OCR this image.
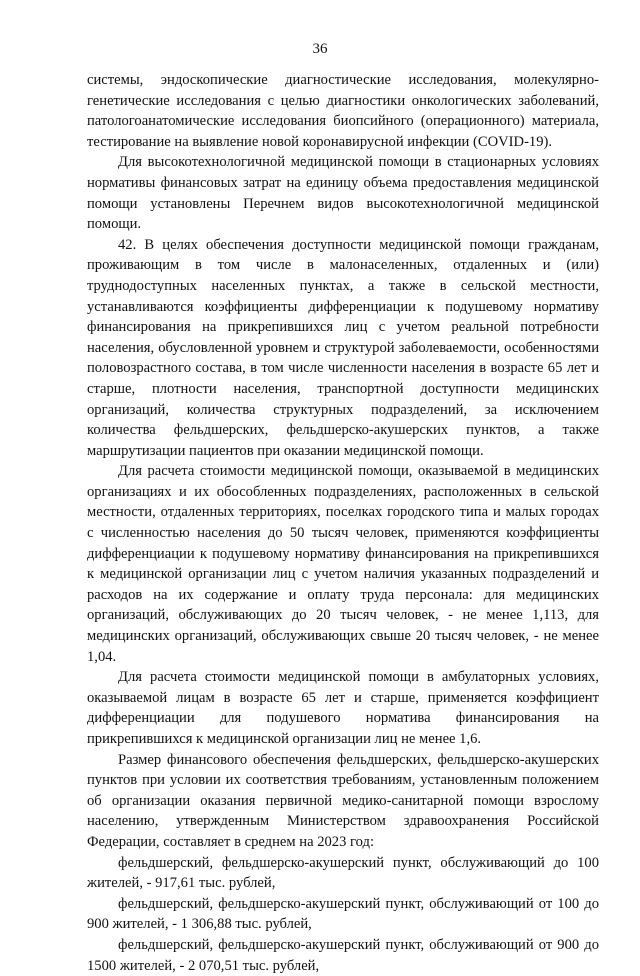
36

системы, эндоскопические диагностические исследования, молекулярно-генетические исследования с целью диагностики онкологических заболеваний, патологоанатомические исследования биопсийного (операционного) материала, тестирование на выявление новой коронавирусной инфекции (COVID-19).

Для высокотехнологичной медицинской помощи в стационарных условиях нормативы финансовых затрат на единицу объема предоставления медицинской помощи установлены Перечнем видов высокотехнологичной медицинской помощи.

42. В целях обеспечения доступности медицинской помощи гражданам, проживающим в том числе в малонаселенных, отдаленных и (или) труднодоступных населенных пунктах, а также в сельской местности, устанавливаются коэффициенты дифференциации к подушевому нормативу финансирования на прикрепившихся лиц с учетом реальной потребности населения, обусловленной уровнем и структурой заболеваемости, особенностями половозрастного состава, в том числе численности населения в возрасте 65 лет и старше, плотности населения, транспортной доступности медицинских организаций, количества структурных подразделений, за исключением количества фельдшерских, фельдшерско-акушерских пунктов, а также маршрутизации пациентов при оказании медицинской помощи.

Для расчета стоимости медицинской помощи, оказываемой в медицинских организациях и их обособленных подразделениях, расположенных в сельской местности, отдаленных территориях, поселках городского типа и малых городах с численностью населения до 50 тысяч человек, применяются коэффициенты дифференциации к подушевому нормативу финансирования на прикрепившихся к медицинской организации лиц с учетом наличия указанных подразделений и расходов на их содержание и оплату труда персонала: для медицинских организаций, обслуживающих до 20 тысяч человек, - не менее 1,113, для медицинских организаций, обслуживающих свыше 20 тысяч человек, - не менее 1,04.

Для расчета стоимости медицинской помощи в амбулаторных условиях, оказываемой лицам в возрасте 65 лет и старше, применяется коэффициент дифференциации для подушевого норматива финансирования на прикрепившихся к медицинской организации лиц не менее 1,6.

Размер финансового обеспечения фельдшерских, фельдшерско-акушерских пунктов при условии их соответствия требованиям, установленным положением об организации оказания первичной медико-санитарной помощи взрослому населению, утвержденным Министерством здравоохранения Российской Федерации, составляет в среднем на 2023 год:

фельдшерский, фельдшерско-акушерский пункт, обслуживающий до 100 жителей, - 917,61 тыс. рублей,

фельдшерский, фельдшерско-акушерский пункт, обслуживающий от 100 до 900 жителей, - 1 306,88 тыс. рублей,

фельдшерский, фельдшерско-акушерский пункт, обслуживающий от 900 до 1500 жителей, - 2 070,51 тыс. рублей,
